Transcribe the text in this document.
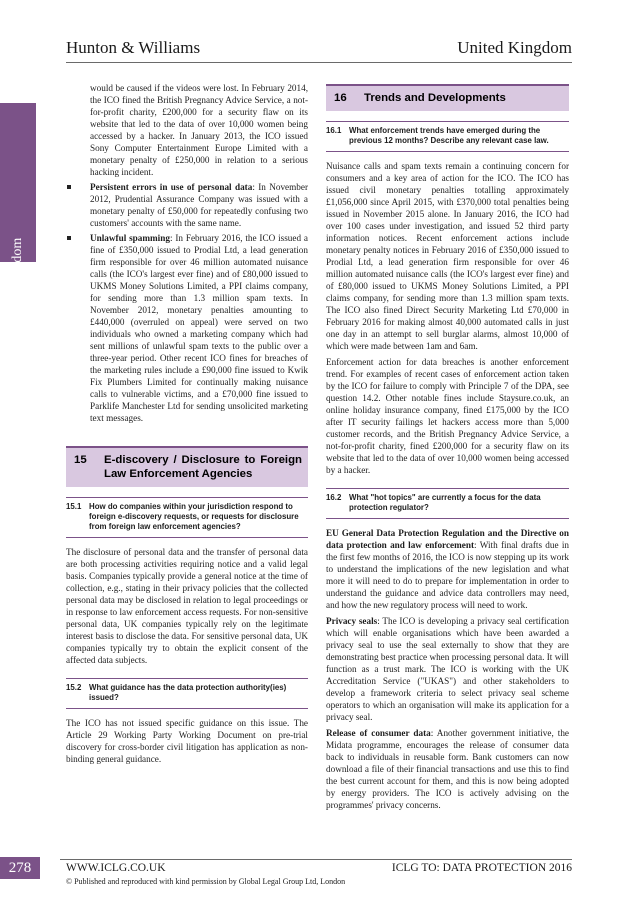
Hunton & Williams	United Kingdom
United Kingdom

would be caused if the videos were lost. In February 2014, the ICO fined the British Pregnancy Advice Service, a not-for-profit charity, £200,000 for a security flaw on its website that led to the data of over 10,000 women being accessed by a hacker. In January 2013, the ICO issued Sony Computer Entertainment Europe Limited with a monetary penalty of £250,000 in relation to a serious hacking incident.

Persistent errors in use of personal data: In November 2012, Prudential Assurance Company was issued with a monetary penalty of £50,000 for repeatedly confusing two customers' accounts with the same name.
Unlawful spamming: In February 2016, the ICO issued a fine of £350,000 issued to Prodial Ltd, a lead generation firm responsible for over 46 million automated nuisance calls (the ICO's largest ever fine) and of £80,000 issued to UKMS Money Solutions Limited, a PPI claims company, for sending more than 1.3 million spam texts. In November 2012, monetary penalties amounting to £440,000 (overruled on appeal) were served on two individuals who owned a marketing company which had sent millions of unlawful spam texts to the public over a three-year period. Other recent ICO fines for breaches of the marketing rules include a £90,000 fine issued to Kwik Fix Plumbers Limited for continually making nuisance calls to vulnerable victims, and a £70,000 fine issued to Parklife Manchester Ltd for sending unsolicited marketing text messages.
15 E-discovery / Disclosure to Foreign Law Enforcement Agencies
15.1 How do companies within your jurisdiction respond to foreign e-discovery requests, or requests for disclosure from foreign law enforcement agencies?

The disclosure of personal data and the transfer of personal data are both processing activities requiring notice and a valid legal basis. Companies typically provide a general notice at the time of collection, e.g., stating in their privacy policies that the collected personal data may be disclosed in relation to legal proceedings or in response to law enforcement access requests. For non-sensitive personal data, UK companies typically rely on the legitimate interest basis to disclose the data. For sensitive personal data, UK companies typically try to obtain the explicit consent of the affected data subjects.

15.2 What guidance has the data protection authority(ies) issued?

The ICO has not issued specific guidance on this issue. The Article 29 Working Party Working Document on pre-trial discovery for cross-border civil litigation has application as non-binding general guidance.

16 Trends and Developments
16.1 What enforcement trends have emerged during the previous 12 months? Describe any relevant case law.

Nuisance calls and spam texts remain a continuing concern for consumers and a key area of action for the ICO. The ICO has issued civil monetary penalties totalling approximately £1,056,000 since April 2015, with £370,000 total penalties being issued in November 2015 alone. In January 2016, the ICO had over 100 cases under investigation, and issued 52 third party information notices. Recent enforcement actions include monetary penalty notices in February 2016 of £350,000 issued to Prodial Ltd, a lead generation firm responsible for over 46 million automated nuisance calls (the ICO's largest ever fine) and of £80,000 issued to UKMS Money Solutions Limited, a PPI claims company, for sending more than 1.3 million spam texts. The ICO also fined Direct Security Marketing Ltd £70,000 in February 2016 for making almost 40,000 automated calls in just one day in an attempt to sell burglar alarms, almost 10,000 of which were made between 1am and 6am.

Enforcement action for data breaches is another enforcement trend. For examples of recent cases of enforcement action taken by the ICO for failure to comply with Principle 7 of the DPA, see question 14.2. Other notable fines include Staysure.co.uk, an online holiday insurance company, fined £175,000 by the ICO after IT security failings let hackers access more than 5,000 customer records, and the British Pregnancy Advice Service, a not-for-profit charity, fined £200,000 for a security flaw on its website that led to the data of over 10,000 women being accessed by a hacker.

16.2 What "hot topics" are currently a focus for the data protection regulator?

EU General Data Protection Regulation and the Directive on data protection and law enforcement: With final drafts due in the first few months of 2016, the ICO is now stepping up its work to understand the implications of the new legislation and what more it will need to do to prepare for implementation in order to understand the guidance and advice data controllers may need, and how the new regulatory process will need to work.

Privacy seals: The ICO is developing a privacy seal certification which will enable organisations which have been awarded a privacy seal to use the seal externally to show that they are demonstrating best practice when processing personal data. It will function as a trust mark. The ICO is working with the UK Accreditation Service ("UKAS") and other stakeholders to develop a framework criteria to select privacy seal scheme operators to which an organisation will make its application for a privacy seal.

Release of consumer data: Another government initiative, the Midata programme, encourages the release of consumer data back to individuals in reusable form. Bank customers can now download a file of their financial transactions and use this to find the best current account for them, and this is now being adopted by energy providers. The ICO is actively advising on the programmes' privacy concerns.

278	WWW.ICLG.CO.UK	ICLG TO: DATA PROTECTION 2016
© Published and reproduced with kind permission by Global Legal Group Ltd, London
